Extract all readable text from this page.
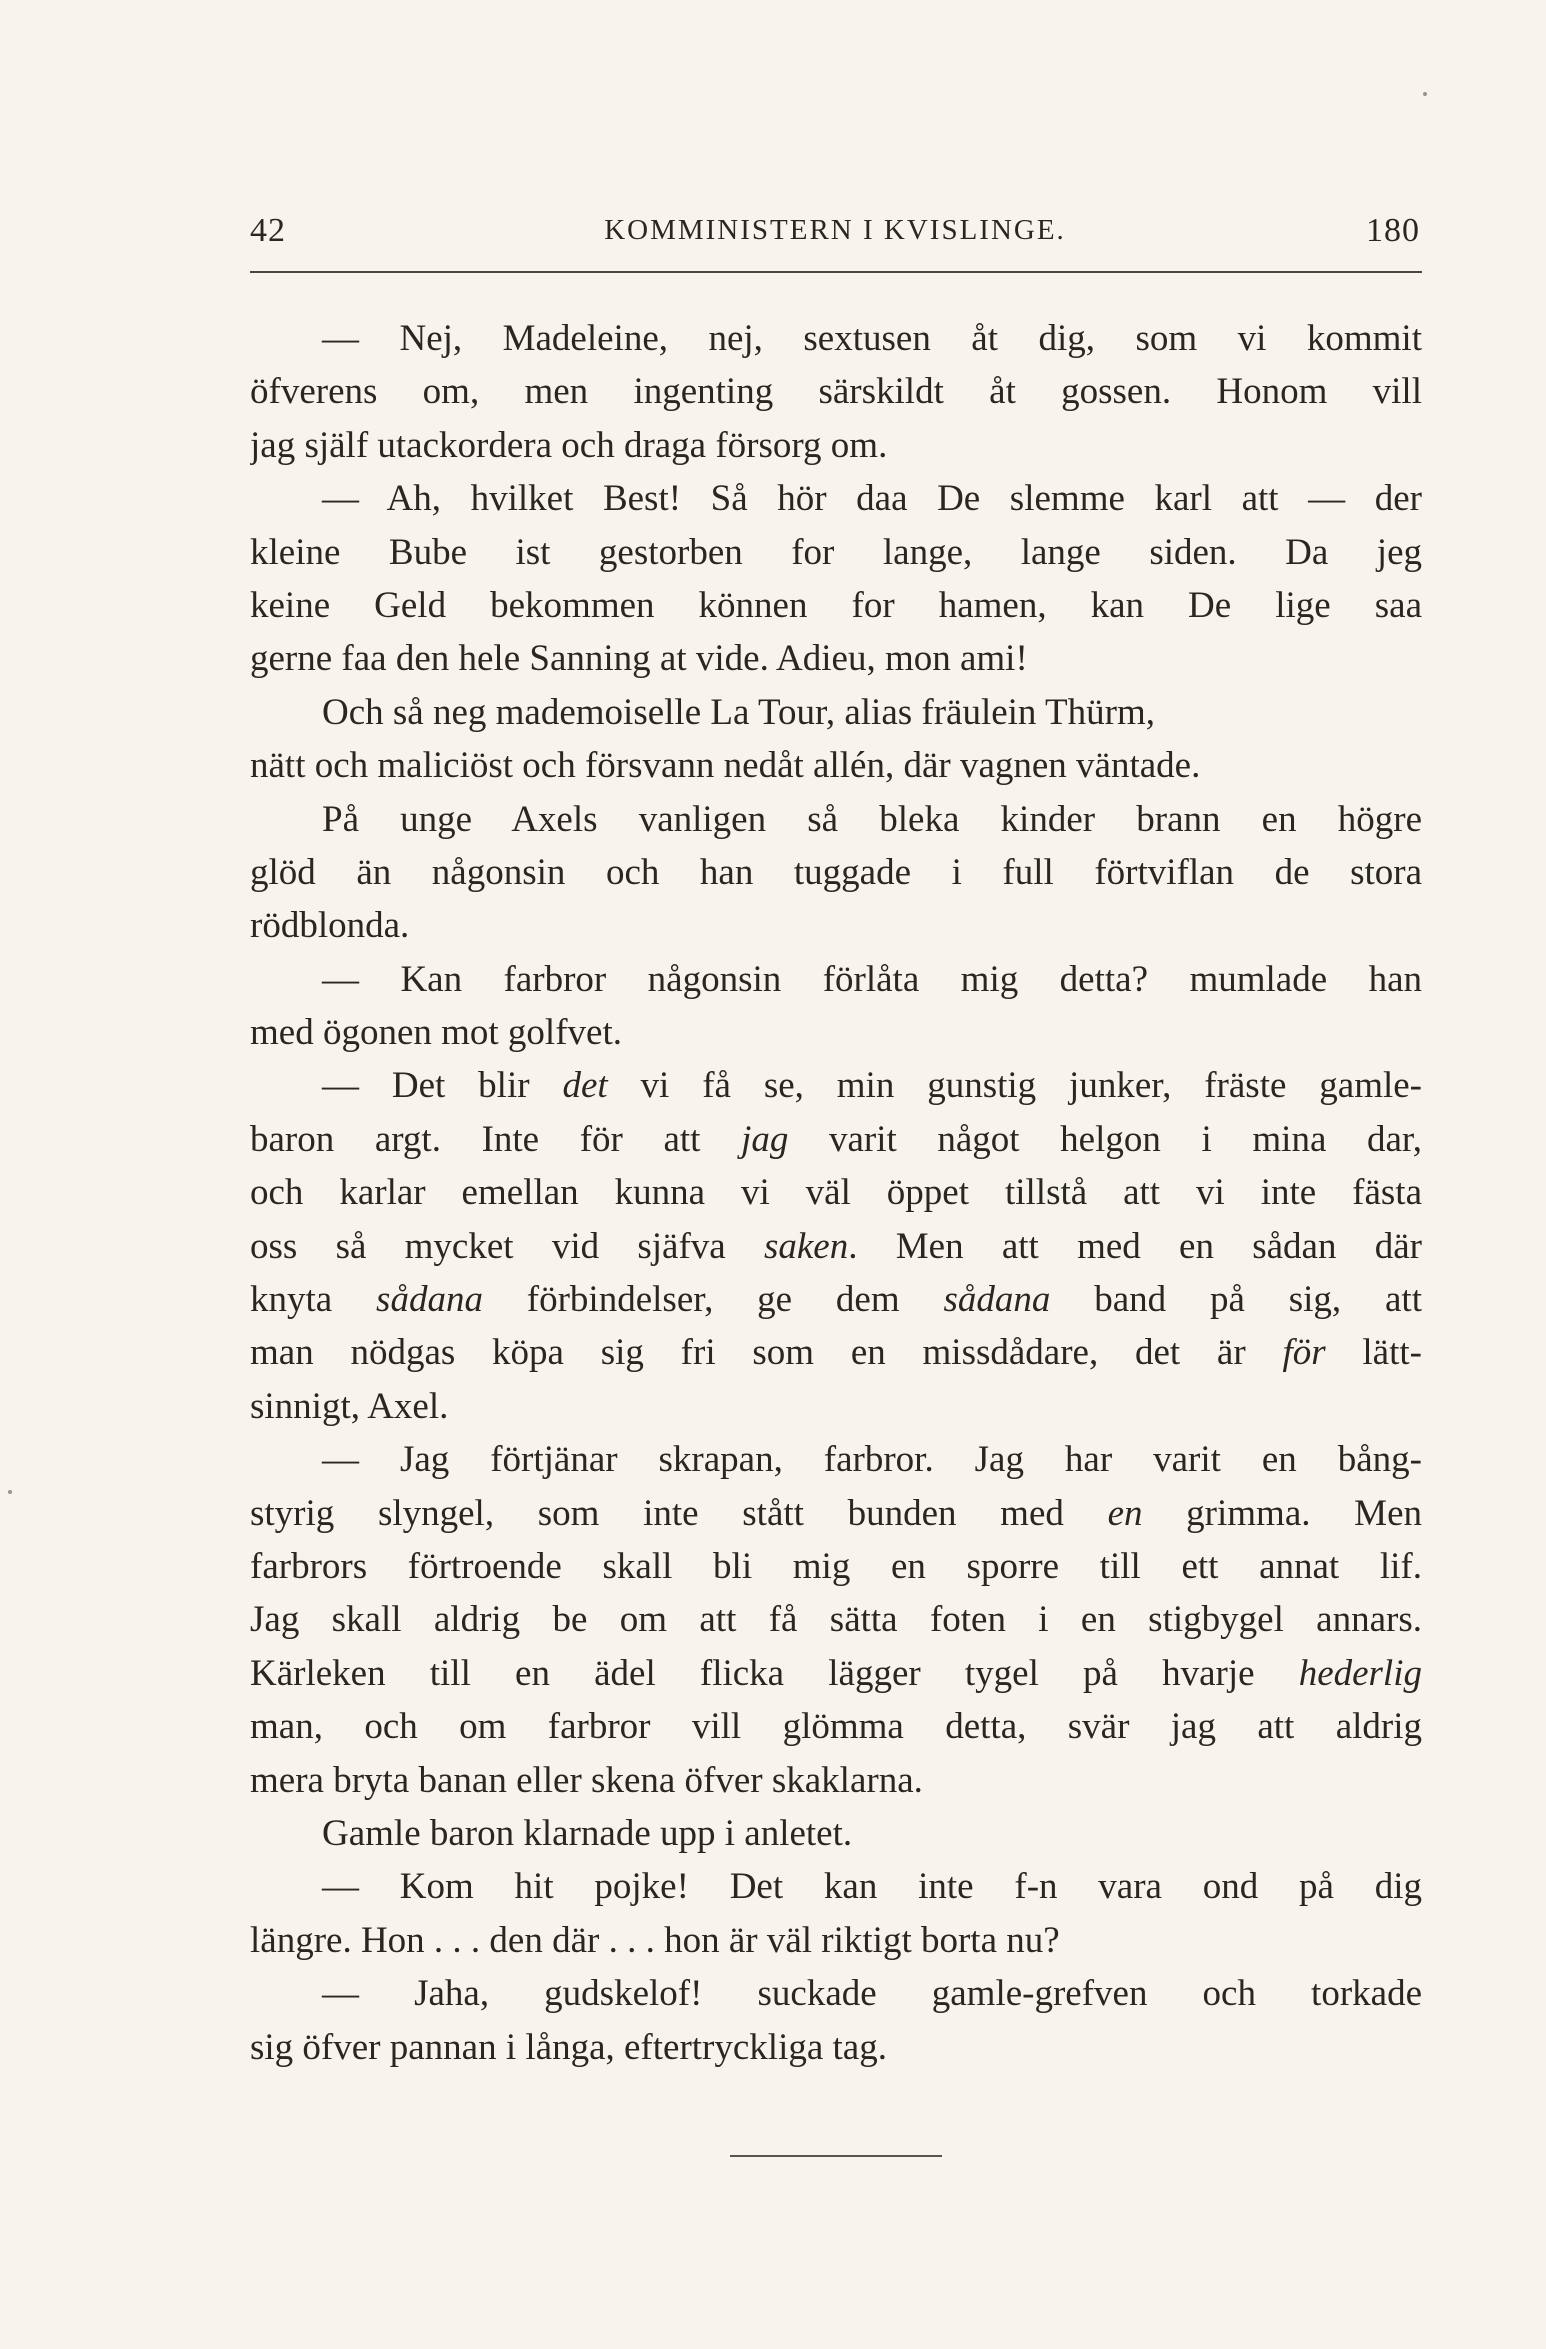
42	KOMMINISTERN I KVISLINGE.	180
— Nej, Madeleine, nej, sextusen åt dig, som vi kommit
öfverens om, men ingenting särskildt åt gossen. Honom vill
jag själf utackordera och draga försorg om.
— Ah, hvilket Best! Så hör daa De slemme karl att — der
kleine Bube ist gestorben for lange, lange siden. Da jeg
keine Geld bekommen können for hamen, kan De lige saa
gerne faa den hele Sanning at vide. Adieu, mon ami!
Och så neg mademoiselle La Tour, alias fräulein Thürm,
nätt och maliciöst och försvann nedåt allén, där vagnen väntade.
På unge Axels vanligen så bleka kinder brann en högre
glöd än någonsin och han tuggade i full förtviflan de stora
rödblonda.
— Kan farbror någonsin förlåta mig detta? mumlade han
med ögonen mot golfvet.
— Det blir det vi få se, min gunstig junker, fräste gamle-
baron argt. Inte för att jag varit något helgon i mina dar,
och karlar emellan kunna vi väl öppet tillstå att vi inte fästa
oss så mycket vid sjäfva saken. Men att med en sådan där
knyta sådana förbindelser, ge dem sådana band på sig, att
man nödgas köpa sig fri som en missdådare, det är för lätt-
sinnigt, Axel.
— Jag förtjänar skrapan, farbror. Jag har varit en bång-
styrig slyngel, som inte stått bunden med en grimma. Men
farbrors förtroende skall bli mig en sporre till ett annat lif.
Jag skall aldrig be om att få sätta foten i en stigbygel annars.
Kärleken till en ädel flicka lägger tygel på hvarje hederlig
man, och om farbror vill glömma detta, svär jag att aldrig
mera bryta banan eller skena öfver skaklarna.
Gamle baron klarnade upp i anletet.
— Kom hit pojke! Det kan inte f-n vara ond på dig
längre. Hon . . . den där . . . hon är väl riktigt borta nu?
— Jaha, gudskelof! suckade gamle-grefven och torkade
sig öfver pannan i långa, eftertryckliga tag.
